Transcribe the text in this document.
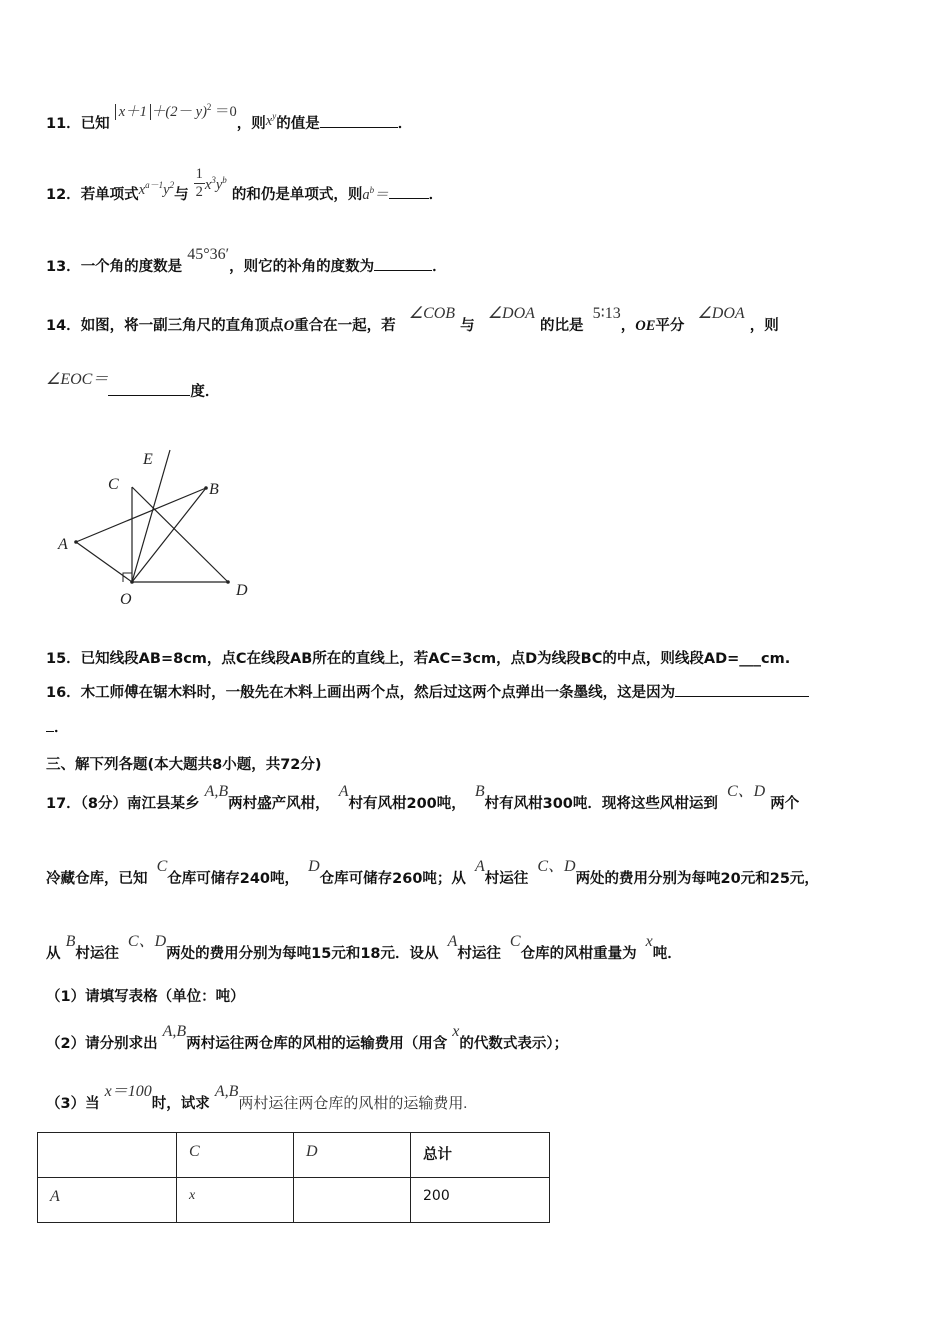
11．已知 $x+1 +(2- y)^2 =0$，则$x^y$的值是	．
12．若单项式$x^{a-1}y^2$与 $\frac{1}{2} x^3y^b$ 的和仍是单项式，则$a^b=$	．
13．一个角的度数是 45°36′，则它的补角的度数为	．
14．如图，将一副三角尺的直角顶点O重合在一起，若 ∠COB 与 ∠DOA 的比是 5∶13，OE平分 ∠DOA ，则
∠EOC＝度．
E
C	B
A
O
D
15．已知线段AB=8cm，点C在线段AB所在的直线上，若AC=3cm，点D为线段BC的中点，则线段AD=___cm.
16．木工师傅在锯木料时，一般先在木料上画出两个点，然后过这两个点弹出一条墨线，这是因为
．
三、解下列各题(本大题共8小题，共72分)
17．（8分）南江县某乡 A,B两村盛产风柑， A村有风柑200吨， B村有风柑300吨．现将这些风柑运到 C、D 两个
冷藏仓库，已知 C仓库可储存240吨， D仓库可储存260吨；从 A村运往 C、D两处的费用分别为每吨20元和25元，
从 B村运往 C、D两处的费用分别为每吨15元和18元．设从 A村运往 C仓库的风柑重量为 x吨．
（1）请填写表格（单位：吨）
（2）请分别求出 A,B两村运往两仓库的风柑的运输费用（用含 x的代数式表示）；
（3）当 x＝100时，试求 A,B两村运往两仓库的风柑的运输费用.
	C	D	总计
A	x		200
